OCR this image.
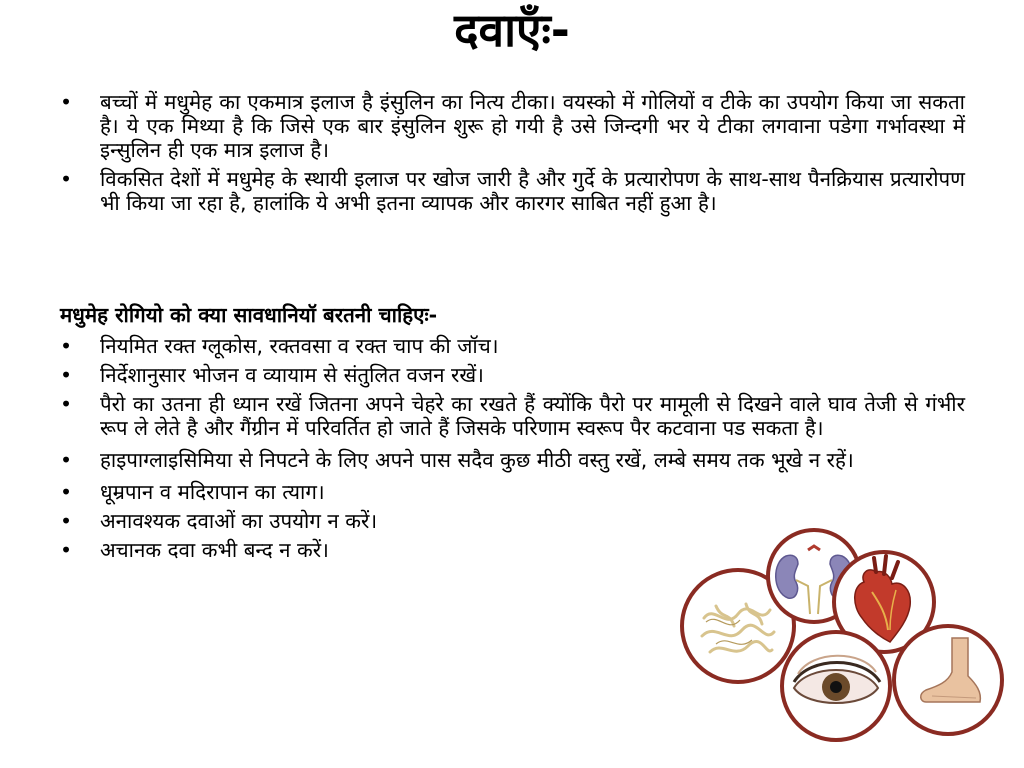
दवाएँः-
• बच्चों में मधुमेह का एकमात्र इलाज है इंसुलिन का नित्य टीका। वयस्को में गोलियों व टीके का उपयोग किया जा सकता है। ये एक मिथ्या है कि जिसे एक बार इंसुलिन शुरू हो गयी है उसे जिन्दगी भर ये टीका लगवाना पडेगा गर्भावस्था में इन्सुलिन ही एक मात्र इलाज है।
• विकसित देशों में मधुमेह के स्थायी इलाज पर खोज जारी है और गुर्दे के प्रत्यारोपण के साथ-साथ पैनक्रियास प्रत्यारोपण भी किया जा रहा है, हालांकि ये अभी इतना व्यापक और कारगर साबित नहीं हुआ है।
मधुमेह रोगियो को क्या सावधानियॉ बरतनी चाहिएः-
• नियमित रक्त ग्लूकोस, रक्तवसा व रक्त चाप की जॉच।
• निर्देशानुसार भोजन व व्यायाम से संतुलित वजन रखें।
• पैरो का उतना ही ध्यान रखें जितना अपने चेहरे का रखते हैं क्योंकि पैरो पर मामूली से दिखने वाले घाव तेजी से गंभीर रूप ले लेते है और गैंग्रीन में परिवर्तित हो जाते हैं जिसके परिणाम स्वरूप पैर कटवाना पड सकता है।
• हाइपाग्लाइसिमिया से निपटने के लिए अपने पास सदैव कुछ मीठी वस्तु रखें, लम्बे समय तक भूखे न रहें।
• धूम्रपान व मदिरापान का त्याग।
• अनावश्यक दवाओं का उपयोग न करें।
• अचानक दवा कभी बन्द न करें।
